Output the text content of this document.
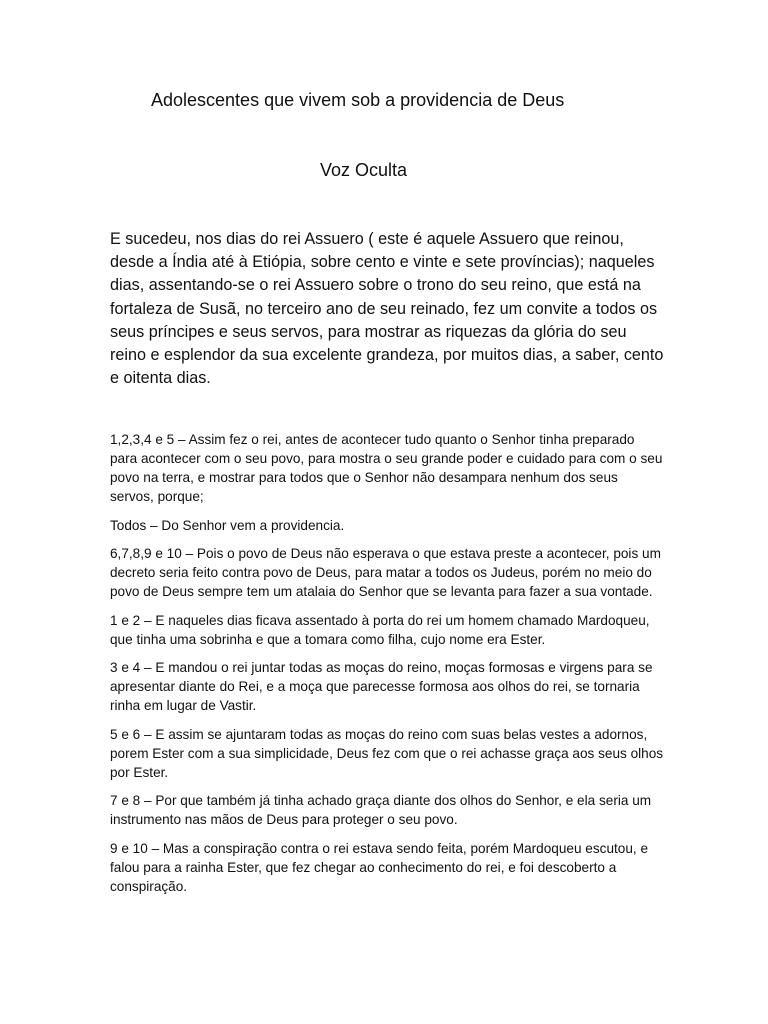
Adolescentes que vivem sob a providencia de Deus
Voz Oculta

E sucedeu, nos dias do rei Assuero ( este é aquele Assuero que reinou, desde a Índia até à Etiópia, sobre cento e vinte e sete províncias); naqueles dias, assentando-se o rei Assuero sobre o trono do seu reino, que está na fortaleza de Susã, no terceiro ano de seu reinado, fez um convite a todos os seus príncipes e seus servos, para mostrar as riquezas da glória do seu reino e esplendor da sua excelente grandeza, por muitos dias, a saber, cento e oitenta dias.

1,2,3,4 e 5 – Assim fez o rei, antes de acontecer tudo quanto o Senhor tinha preparado para acontecer com o seu povo, para mostra o seu grande poder e cuidado para com o seu povo na terra, e mostrar para todos que o Senhor não desampara nenhum dos seus servos, porque;

Todos – Do Senhor vem a providencia.

6,7,8,9 e 10 – Pois o povo de Deus não esperava o que estava preste a acontecer, pois um decreto seria feito contra povo de Deus, para matar a todos os Judeus, porém no meio do povo de Deus sempre tem um atalaia do Senhor que se levanta para fazer a sua vontade.

1 e 2 – E naqueles dias ficava assentado à porta do rei um homem chamado Mardoqueu, que tinha uma sobrinha e que a tomara como filha, cujo nome era Ester.

3 e 4 – E mandou o rei juntar todas as moças do reino, moças formosas e virgens para se apresentar diante do Rei, e a moça que parecesse formosa aos olhos do rei, se tornaria rinha em lugar de Vastir.

5 e 6 – E assim se ajuntaram todas as moças do reino com suas belas vestes a adornos, porem Ester com a sua simplicidade, Deus fez com que o rei achasse graça aos seus olhos por Ester.

7 e 8 – Por que também já tinha achado graça diante dos olhos do Senhor, e ela seria um instrumento nas mãos de Deus para proteger o seu povo.

9 e 10 – Mas a conspiração contra o rei estava sendo feita, porém Mardoqueu escutou, e falou para a rainha Ester, que fez chegar ao conhecimento do rei, e foi descoberto a conspiração.
